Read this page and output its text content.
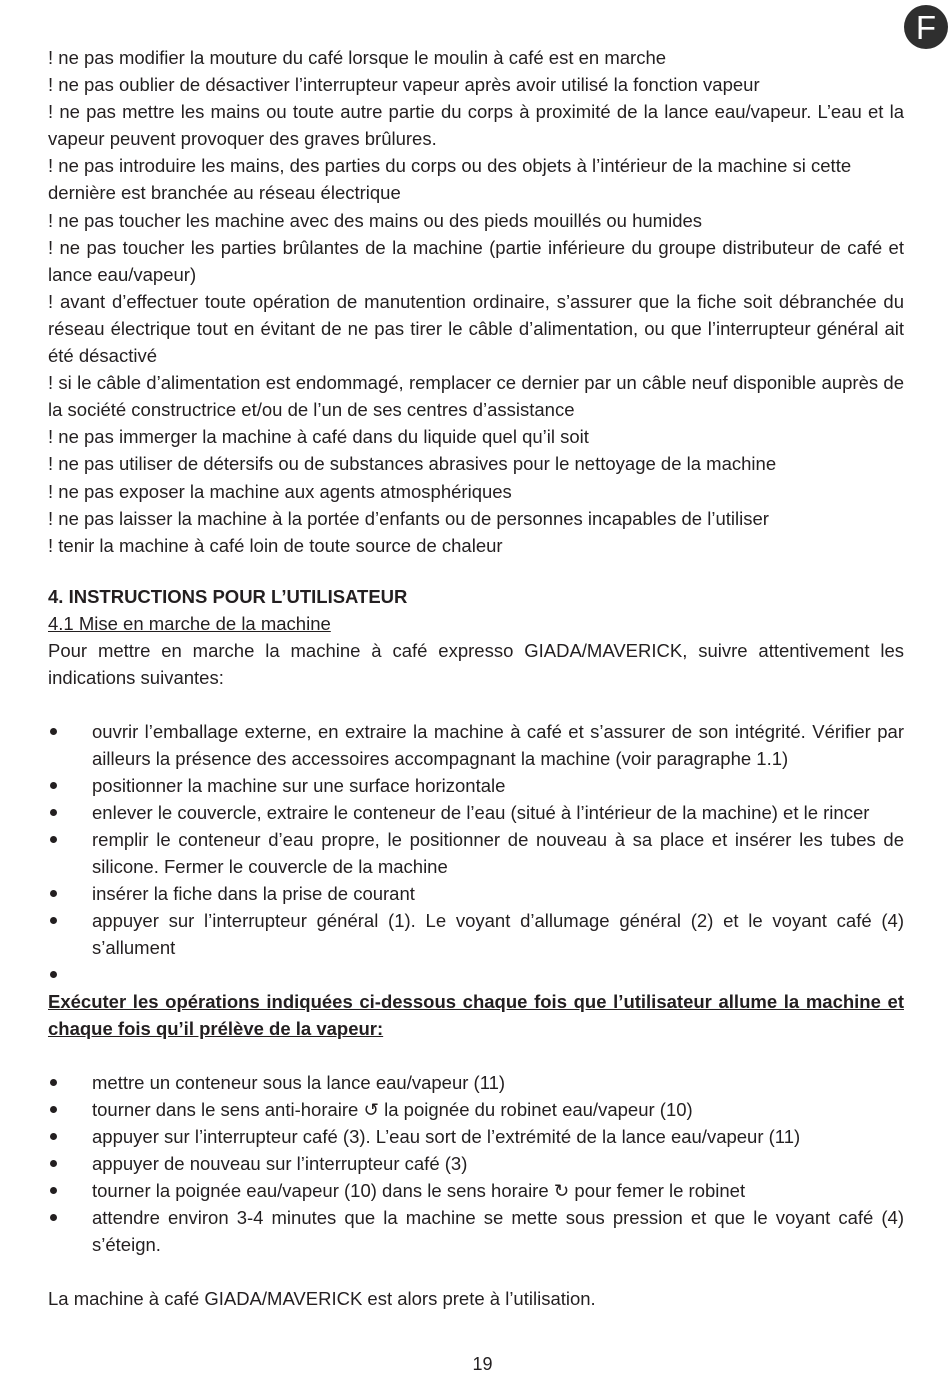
F

! ne pas modifier la mouture du café lorsque le moulin à café est en marche

! ne pas oublier de désactiver l’interrupteur vapeur après avoir utilisé la fonction vapeur

! ne pas mettre les mains ou toute autre partie du corps à proximité de la lance eau/vapeur. L’eau et la vapeur peuvent provoquer des graves brûlures.

! ne pas introduire les mains, des parties du corps ou des objets à l’intérieur de la machine si cette dernière est branchée au réseau électrique

! ne pas toucher les machine avec des mains ou des pieds mouillés ou humides

! ne pas toucher les parties brûlantes de la machine (partie inférieure du groupe distributeur de café et lance eau/vapeur)

! avant d’effectuer toute opération de manutention ordinaire, s’assurer que la fiche soit débranchée du réseau électrique tout en évitant de ne pas tirer le câble d’alimentation, ou que l’interrupteur général ait été désactivé

! si le câble d’alimentation est endommagé, remplacer ce dernier par un câble neuf disponible auprès de la société constructrice et/ou de l’un de ses centres d’assistance

! ne pas immerger la machine à café dans du liquide quel qu’il soit

! ne pas utiliser de détersifs ou de substances abrasives pour le nettoyage de la machine

! ne pas exposer la machine aux agents atmosphériques

! ne pas laisser la machine à la portée d’enfants ou de personnes incapables de l’utiliser

! tenir la machine à café loin de toute source de chaleur

4. INSTRUCTIONS POUR L’UTILISATEUR
4.1 Mise en marche de la machine
Pour mettre en marche la machine à café expresso GIADA/MAVERICK, suivre attentivement les indications suivantes:
ouvrir l’emballage externe, en extraire la machine à café et s’assurer de son intégrité. Vérifier par ailleurs la présence des accessoires accompagnant la machine (voir paragraphe 1.1)
positionner la machine sur une surface horizontale
enlever le couvercle, extraire le conteneur de l’eau (situé à l’intérieur de la machine) et le rincer
remplir le conteneur d’eau propre, le positionner de nouveau à sa place et insérer les tubes de silicone. Fermer le couvercle de la machine
insérer la fiche dans la prise de courant
appuyer sur l’interrupteur général (1). Le voyant d’allumage général (2) et le voyant café (4) s’allument
Exécuter les opérations indiquées ci-dessous chaque fois que l’utilisateur allume la machine et chaque fois qu’il prélève de la vapeur:
mettre un conteneur sous la lance eau/vapeur (11)
tourner dans le sens anti-horaire ↺ la poignée du robinet eau/vapeur (10)
appuyer sur l’interrupteur café (3). L’eau sort de l’extrémité de la lance eau/vapeur (11)
appuyer de nouveau sur l’interrupteur café (3)
tourner la poignée eau/vapeur (10) dans le sens horaire ↻ pour femer le robinet
attendre environ 3-4 minutes que la machine se mette sous pression et que le voyant café (4) s’éteign.
La machine à café GIADA/MAVERICK est alors prete à l’utilisation.
19
